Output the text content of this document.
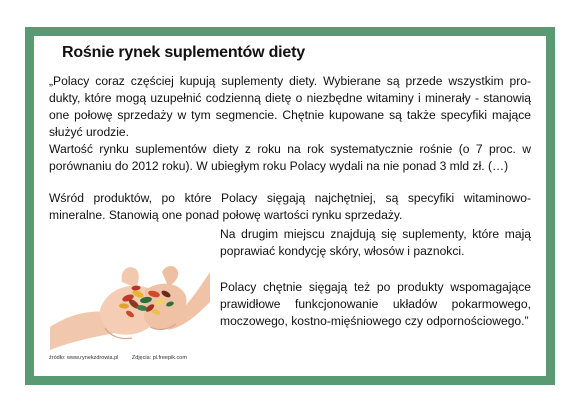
Rośnie rynek suplementów diety

„Polacy coraz częściej kupują suplementy diety. Wybierane są przede wszystkim produkty, które mogą uzupełnić codzienną dietę o niezbędne witaminy i minerały - stanowią one połowę sprzedaży w tym segmencie. Chętnie kupowane są także specyfiki mające służyć urodzie.
Wartość rynku suplementów diety z roku na rok systematycznie rośnie (o 7 proc. w porównaniu do 2012 roku). W ubiegłym roku Polacy wydali na nie ponad 3 mld zł. (…)

Wśród produktów, po które Polacy sięgają najchętniej, są specyfiki witaminowo-mineralne. Stanowią one ponad połowę wartości rynku sprzedaży.

Na drugim miejscu znajdują się suplementy, które mają poprawiać kondycję skóry, włosów i paznokci.

Polacy chętnie sięgają też po produkty wspomagające prawidłowe funkcjonowanie układów pokarmowego, moczowego, kostno-mięśniowego czy odpornościowego.”

źródło: www.rynekzdrowia.pl Zdjęcia: pl.freepik.com
